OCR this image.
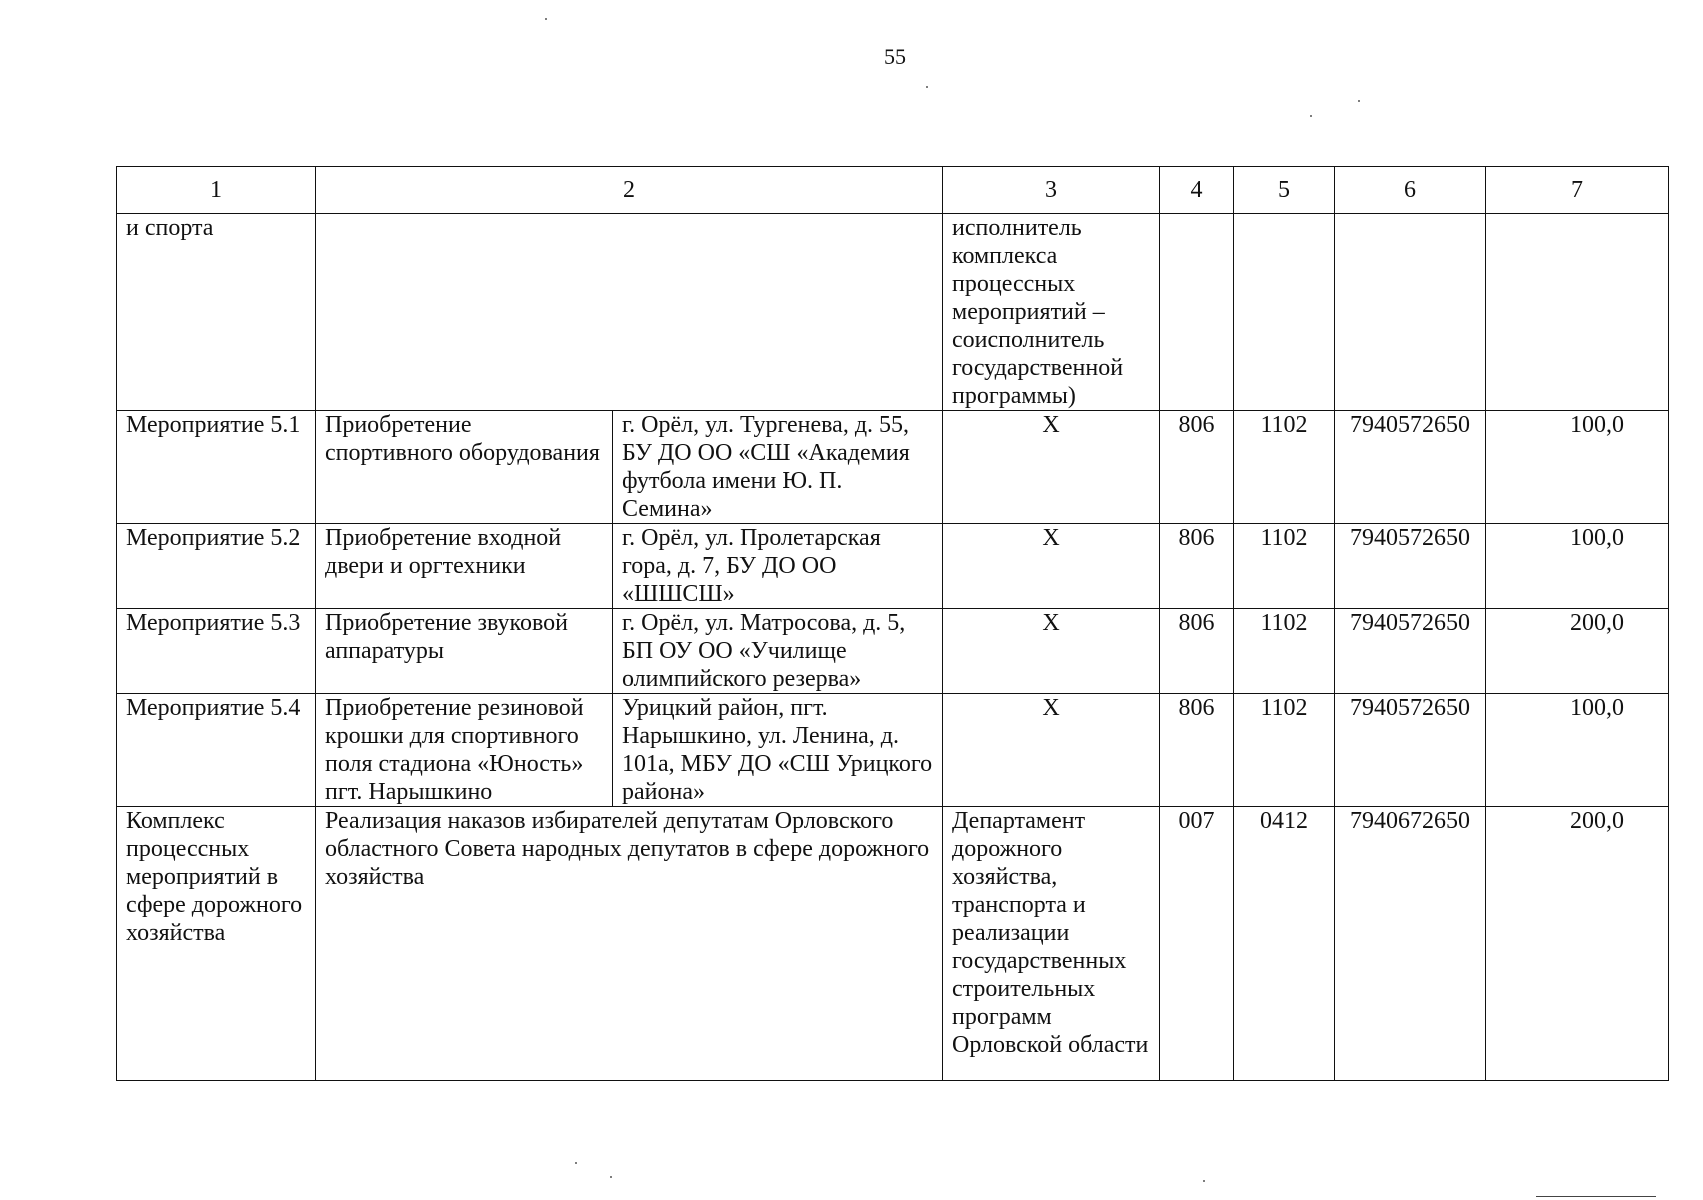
55
1	2		3	4	5	6	7
и спорта			исполнитель комплекса процессных мероприятий – соисполнитель государственной программы)				
Мероприятие 5.1	Приобретение спортивного оборудования	г. Орёл, ул. Тургенева, д. 55, БУ ДО ОО «СШ «Академия футбола имени Ю. П. Семина»	Х	806	1102	7940572650	100,0
Мероприятие 5.2	Приобретение входной двери и оргтехники	г. Орёл, ул. Пролетарская гора, д. 7, БУ ДО ОО «ШШСШ»	Х	806	1102	7940572650	100,0
Мероприятие 5.3	Приобретение звуковой аппаратуры	г. Орёл, ул. Матросова, д. 5, БП ОУ ОО «Училище олимпийского резерва»	Х	806	1102	7940572650	200,0
Мероприятие 5.4	Приобретение резиновой крошки для спортивного поля стадиона «Юность» пгт. Нарышкино	Урицкий район, пгт. Нарышкино, ул. Ленина, д. 101а, МБУ ДО «СШ Урицкого района»	Х	806	1102	7940572650	100,0
Комплекс процессных мероприятий в сфере дорожного хозяйства	Реализация наказов избирателей депутатам Орловского областного Совета народных депутатов в сфере дорожного хозяйства		Департамент дорожного хозяйства, транспорта и реализации государственных строительных программ Орловской области	007	0412	7940672650	200,0
